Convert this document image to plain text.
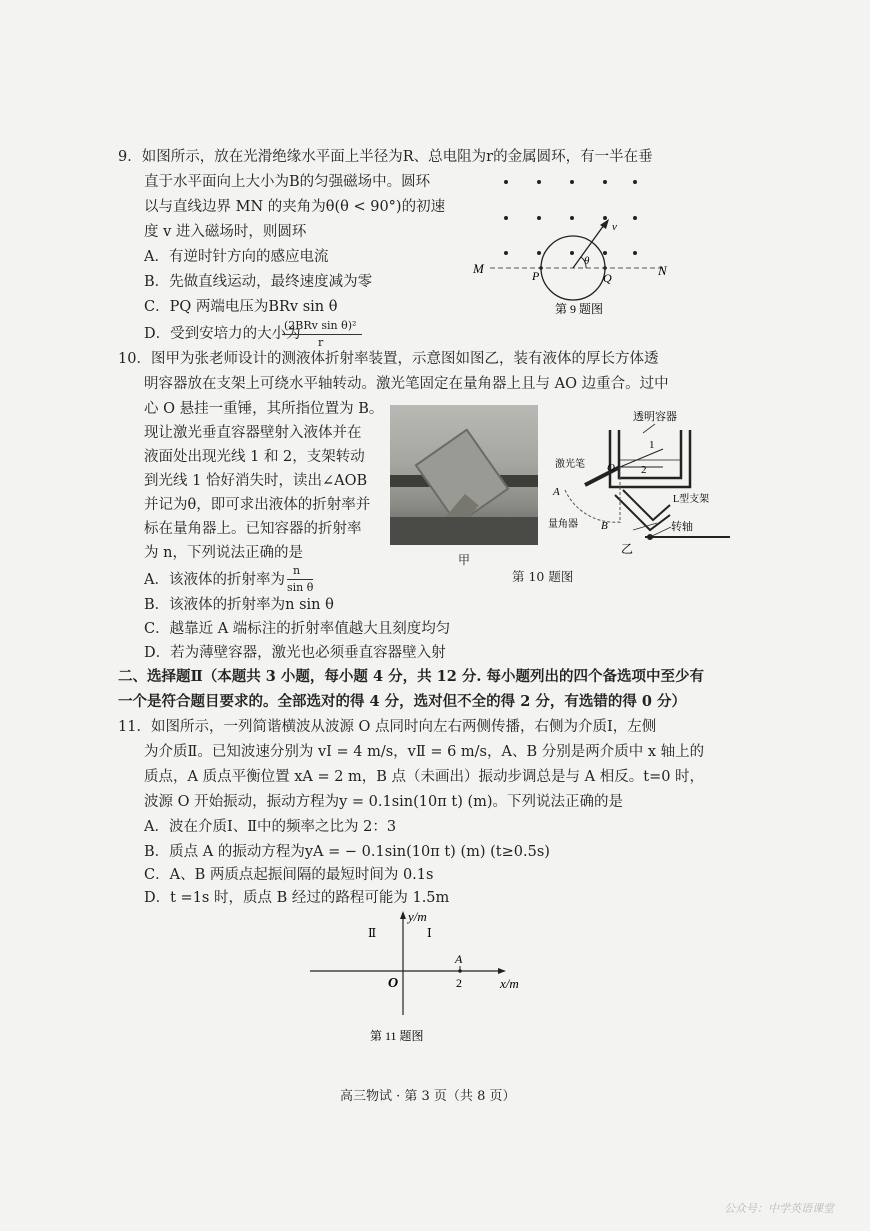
9．如图所示，放在光滑绝缘水平面上半径为R、总电阻为r的金属圆环，有一半在垂
直于水平面向上大小为B的匀强磁场中。圆环
以与直线边界 MN 的夹角为θ(θ < 90°)的初速
度 v 进入磁场时，则圆环
A．有逆时针方向的感应电流
B．先做直线运动，最终速度减为零
C．PQ 两端电压为BRv sin θ
D．受到安培力的大小为
(2BRv sin θ)²
r
M	N
P	Q
v
θ
第 9 题图
10．图甲为张老师设计的测液体折射率装置，示意图如图乙，装有液体的厚长方体透
明容器放在支架上可绕水平轴转动。激光笔固定在量角器上且与 AO 边重合。过中
心 O 悬挂一重锤，其所指位置为 B。
现让激光垂直容器壁射入液体并在
液面处出现光线 1 和 2，支架转动
到光线 1 恰好消失时，读出∠AOB
并记为θ，即可求出液体的折射率并
标在量角器上。已知容器的折射率
为 n，下列说法正确的是
A．该液体的折射率为
n
sin θ
B．该液体的折射率为n sin θ
C．越靠近 A 端标注的折射率值越大且刻度均匀
D．若为薄壁容器，激光也必须垂直容器壁入射
甲
透明容器
1
2
L型支架
转轴
激光笔 O
A
量角器 B
乙
第 10 题图
二、选择题Ⅱ（本题共 3 小题，每小题 4 分，共 12 分. 每小题列出的四个备选项中至少有
一个是符合题目要求的。全部选对的得 4 分，选对但不全的得 2 分，有选错的得 0 分）
11．如图所示，一列简谐横波从波源 O 点同时向左右两侧传播，右侧为介质Ⅰ，左侧
为介质Ⅱ。已知波速分别为 vⅠ = 4 m/s，vⅡ = 6 m/s，A、B 分别是两介质中 x 轴上的
质点，A 质点平衡位置 xA = 2 m，B 点（未画出）振动步调总是与 A 相反。t=0 时，
波源 O 开始振动，振动方程为y = 0.1sin(10π t) (m)。下列说法正确的是
A．波在介质Ⅰ、Ⅱ中的频率之比为 2：3
B．质点 A 的振动方程为yA = − 0.1sin(10π t) (m) (t≥0.5s)
C．A、B 两质点起振间隔的最短时间为 0.1s
D．t =1s 时，质点 B 经过的路程可能为 1.5m
y/m
x/m
O
A
2
Ⅱ	Ⅰ
第 11 题图
高三物试 · 第 3 页（共 8 页）
公众号：中学英语课堂
